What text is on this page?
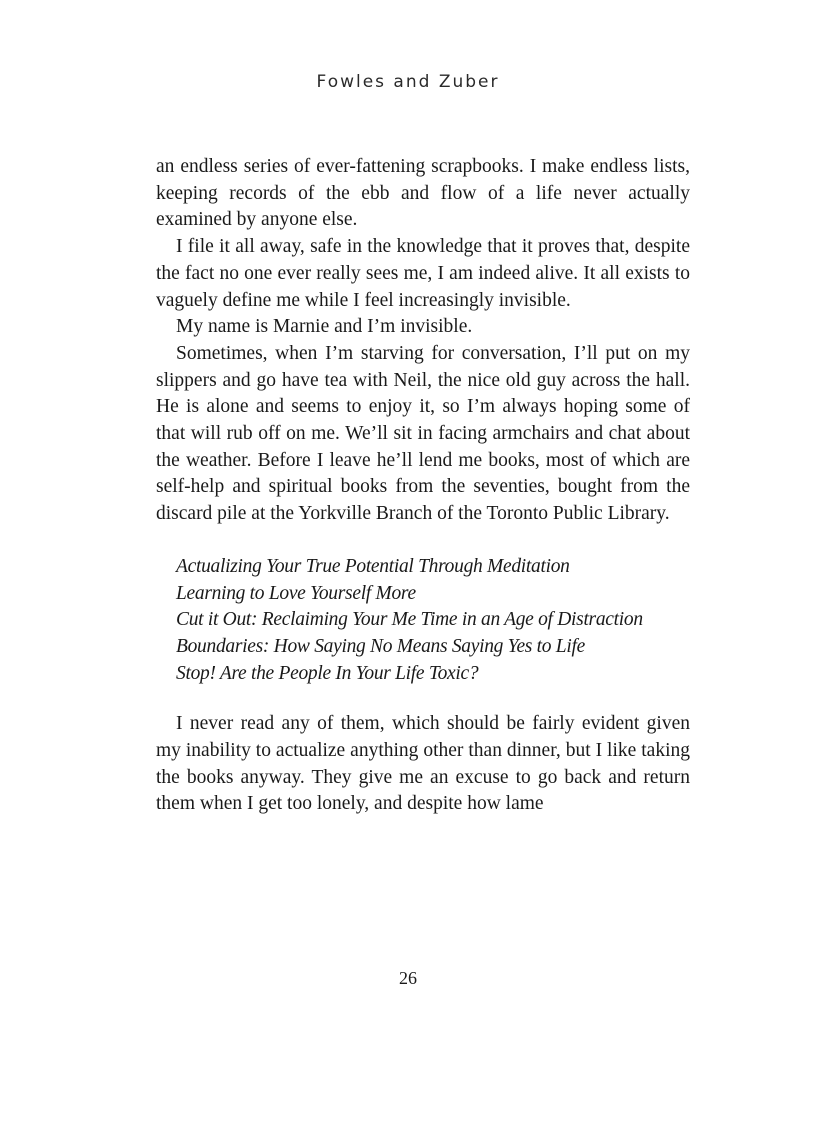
Fowles and Zuber

an endless series of ever-fattening scrapbooks. I make endless lists, keeping records of the ebb and flow of a life never actually examined by anyone else.

I file it all away, safe in the knowledge that it proves that, despite the fact no one ever really sees me, I am indeed alive. It all exists to vaguely define me while I feel increasingly invisible.

My name is Marnie and I’m invisible.

Sometimes, when I’m starving for conversation, I’ll put on my slippers and go have tea with Neil, the nice old guy across the hall. He is alone and seems to enjoy it, so I’m always hoping some of that will rub off on me. We’ll sit in facing armchairs and chat about the weather. Before I leave he’ll lend me books, most of which are self-help and spiritual books from the seventies, bought from the discard pile at the Yorkville Branch of the Toronto Public Library.

Actualizing Your True Potential Through Meditation
Learning to Love Yourself More
Cut it Out: Reclaiming Your Me Time in an Age of Distraction
Boundaries: How Saying No Means Saying Yes to Life
Stop! Are the People In Your Life Toxic?

I never read any of them, which should be fairly evident given my inability to actualize anything other than dinner, but I like taking the books anyway. They give me an excuse to go back and return them when I get too lonely, and despite how lame

26
